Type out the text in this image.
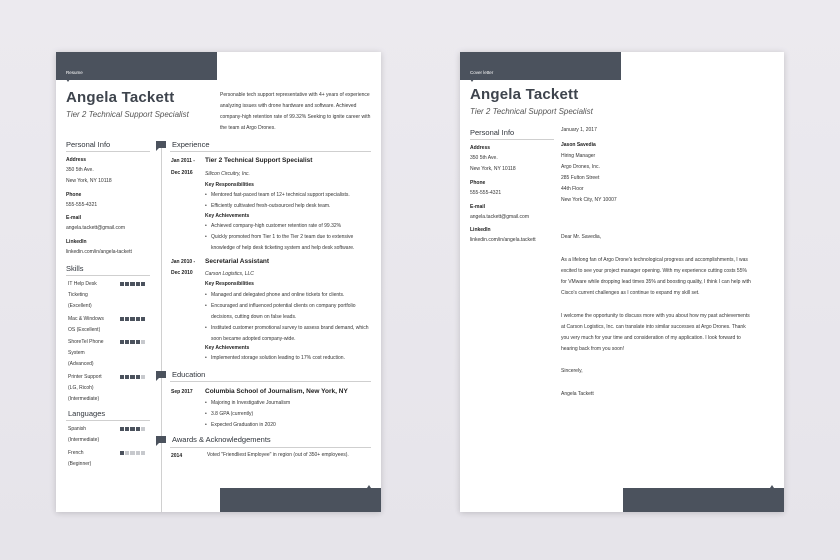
Resume
Angela Tackett
Tier 2 Technical Support Specialist
Personable tech support representative with 4+ years of experience analyzing issues with drone hardware and software. Achieved company-high retention rate of 99.32% Seeking to ignite career with the team at Argo Drones.
Personal Info
Address
350 5th Ave.
New York, NY 10118
Phone
555-555-4321
E-mail
angela.tackett@gmail.com
LinkedIn
linkedin.com/in/angela-tackett
Skills
IT Help Desk
Ticketing
(Excellent)
Mac & Windows
OS (Excellent)
ShoreTel Phone
System
(Advanced)
Printer Support
(LG, Ricoh)
(Intermediate)
Languages
Spanish
(Intermediate)
French
(Beginner)
Experience
Jan 2011 -
Dec 2016
Tier 2 Technical Support Specialist
Silicon Circuitry, Inc.
Key Responsibilities
• Mentored fast-paced team of 12+ technical support specialists.
• Efficiently cultivated fresh-outsourced help desk team.
Key Achievements
• Achieved company-high customer retention rate of 99.32%
• Quickly promoted from Tier 1 to the Tier 2 team due to extensive knowledge of help desk ticketing system and help desk software.
Jan 2010 -
Dec 2010
Secretarial Assistant
Carson Logistics, LLC
Key Responsibilities
• Managed and delegated phone and online tickets for clients.
• Encouraged and influenced potential clients on company portfolio decisions, cutting down on false leads.
• Instituted customer promotional survey to assess brand demand, which soon became adopted company-wide.
Key Achievements
• Implemented storage solution leading to 17% cost reduction.
Education
Sep 2017 Columbia School of Journalism, New York, NY
• Majoring in Investigative Journalism
• 3.8 GPA (currently)
• Expected Graduation in 2020
Awards & Acknowledgements
2014	Voted "Friendliest Employee" in region (out of 350+ employees).
Cover letter
Angela Tackett
Tier 2 Technical Support Specialist
Personal Info
Address
350 5th Ave.
New York, NY 10118
Phone
555-555-4321
E-mail
angela.tackett@gmail.com
LinkedIn
linkedin.com/in/angela.tackett
January 1, 2017
Jason Savedia
Hiring Manager
Argo Drones, Inc.
285 Fulton Street
44th Floor
New York City, NY 10007
Dear Mr. Savedia,
As a lifelong fan of Argo Drone's technological progress and accomplishments, I was
excited to see your project manager opening. With my experience cutting costs 55%
for VMware while dropping lead times 35% and boosting quality, I think I can help with
Cisco's current challenges as I continue to expand my skill set.
I welcome the opportunity to discuss more with you about how my past achievements
at Carson Logistics, Inc. can translate into similar successes at Argo Drones. Thank
you very much for your time and consideration of my application. I look forward to
hearing back from you soon!
Sincerely,
Angela Tackett
